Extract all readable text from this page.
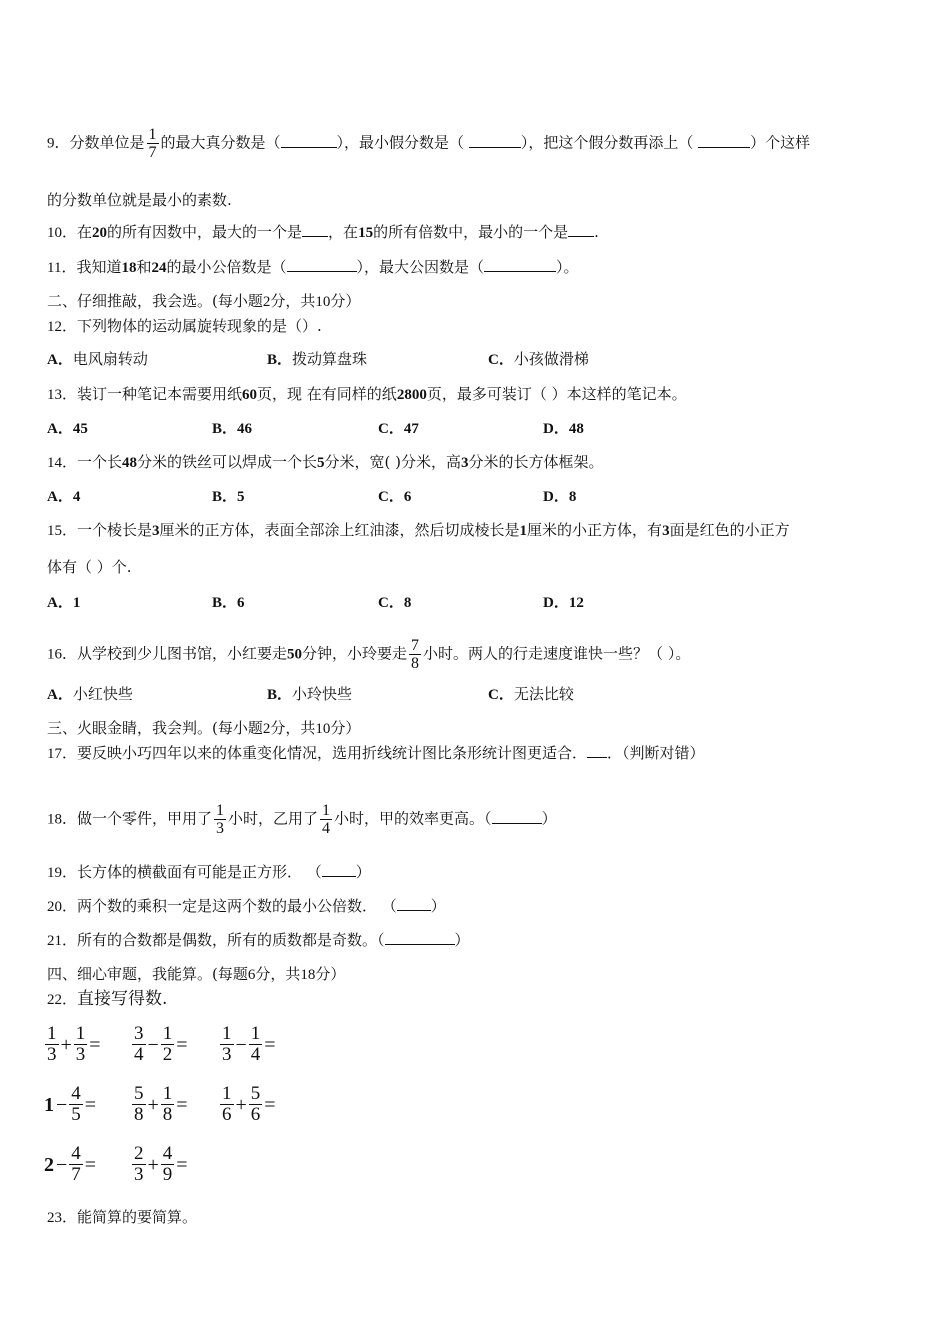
9．分数单位是 $\frac{1}{7}$ 的最大真分数是（	），最小假分数是（	），把这个假分数再添上（	）个这样
的分数单位就是最小的素数.
10．在20的所有因数中，最大的一个是 ，在15的所有倍数中，最小的一个是 .
11．我知道18和24的最小公倍数是（	），最大公因数是（	）。
二、仔细推敲，我会选。(每小题2分，共10分）
12．下列物体的运动属旋转现象的是（）.
A．电风扇转动	B．拨动算盘珠	C．小孩做滑梯
13．装订一种笔记本需要用纸60页，现 在有同样的纸2800页，最多可装订（ ）本这样的笔记本。
A．45	B．46	C．47	D．48
14．一个长48分米的铁丝可以焊成一个长5分米，宽( )分米，高3分米的长方体框架。
A．4	B．5	C．6	D．8
15．一个棱长是3厘米的正方体，表面全部涂上红油漆，然后切成棱长是1厘米的小正方体，有3面是红色的小正方
体有（ ）个.
A．1	B．6	C．8	D．12
16．从学校到少儿图书馆，小红要走50分钟，小玲要走 $\frac{7}{8}$ 小时。两人的行走速度谁快一些？（ ）。
A．小红快些	B．小玲快些	C．无法比较
三、火眼金睛，我会判。(每小题2分，共10分）
17．要反映小巧四年以来的体重变化情况，选用折线统计图比条形统计图更适合． ．（判断对错）
18．做一个零件，甲用了 $\frac{1}{3}$ 小时，乙用了 $\frac{1}{4}$ 小时，甲的效率更高。（	）
19．长方体的横截面有可能是正方形． （ ）
20．两个数的乘积一定是这两个数的最小公倍数． （ ）
21．所有的合数都是偶数，所有的质数都是奇数。（	）
四、细心审题，我能算。(每题6分，共18分）
22．直接写得数.
$\frac{1}{3} + \frac{1}{3} = \frac{3}{4} - \frac{1}{2} = \frac{1}{3} - \frac{1}{4}$ =
$1 - \frac{4}{5} = \frac{5}{8} + \frac{1}{8} = \frac{1}{6} + \frac{5}{6}$ =
$2 - \frac{4}{7} = \frac{2}{3} + \frac{4}{9}$ =
23．能简算的要简算。
